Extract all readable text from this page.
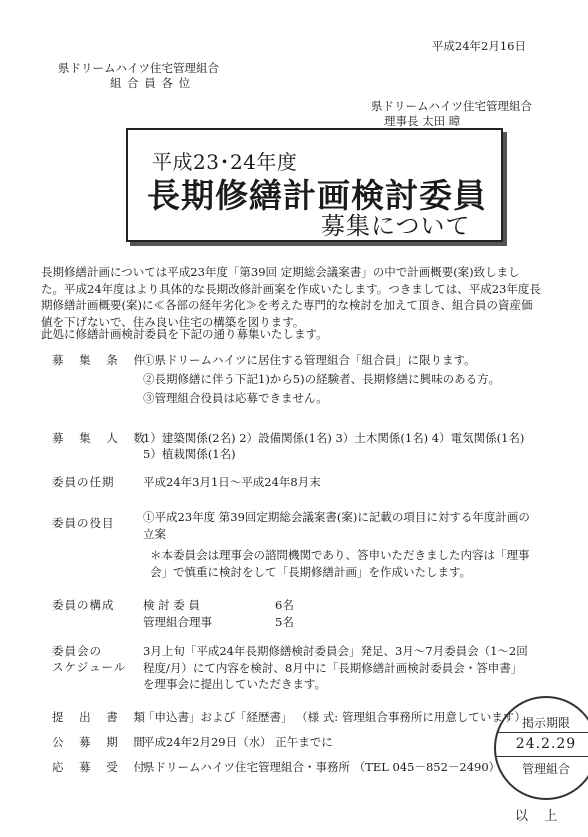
平成24年2月16日
県ドリームハイツ住宅管理組合
組 合 員 各 位
県ドリームハイツ住宅管理組合
理事長 太田 暲
平成23･24年度
長期修繕計画検討委員
募集について
長期修繕計画については平成23年度「第39回 定期総会議案書」の中で計画概要(案)致しました。平成24年度はより具体的な長期改修計画案を作成いたします。つきましては、平成23年度長期修繕計画概要(案)に≪各部の経年劣化≫を考えた専門的な検討を加えて頂き、組合員の資産価値を下げないで、住み良い住宅の構築を図ります。
此処に修繕計画検討委員を下記の通り募集いたします。
募 集 条 件
①県ドリームハイツに居住する管理組合「組合員」に限ります。
②長期修繕に伴う下記1)から5)の経験者、長期修繕に興味のある方。
③管理組合役員は応募できません。
募 集 人 数
1）建築関係(2名) 2）設備関係(1名) 3）土木関係(1名) 4）電気関係(1名)
5）植栽関係(1名)
委員の任期 平成24年3月1日～平成24年8月末
委員の役目 ①平成23年度 第39回定期総会議案書(案)に記載の項目に対する年度計画の立案
＊本委員会は理事会の諮問機関であり、答申いただきました内容は「理事会」で慎重に検討をして「長期修繕計画」を作成いたします。
委員の構成 検 討 委 員	6名
管理組合理事	5名
委員会の
スケジュール
3月上旬「平成24年長期修繕検討委員会」発足、3月～7月委員会（1～2回程度/月）にて内容を検討、8月中に「長期修繕計画検討委員会・答申書」を理事会に提出していただきます。
提 出 書 類
「申込書」および「経歴書」 （様 式: 管理組合事務所に用意しています）
公 募 期 間
平成24年2月29日（水） 正午までに
応 募 受 付
県ドリームハイツ住宅管理組合・事務所 （TEL 045－852－2490）
掲示期限
24.2.29
管理組合
以 上
